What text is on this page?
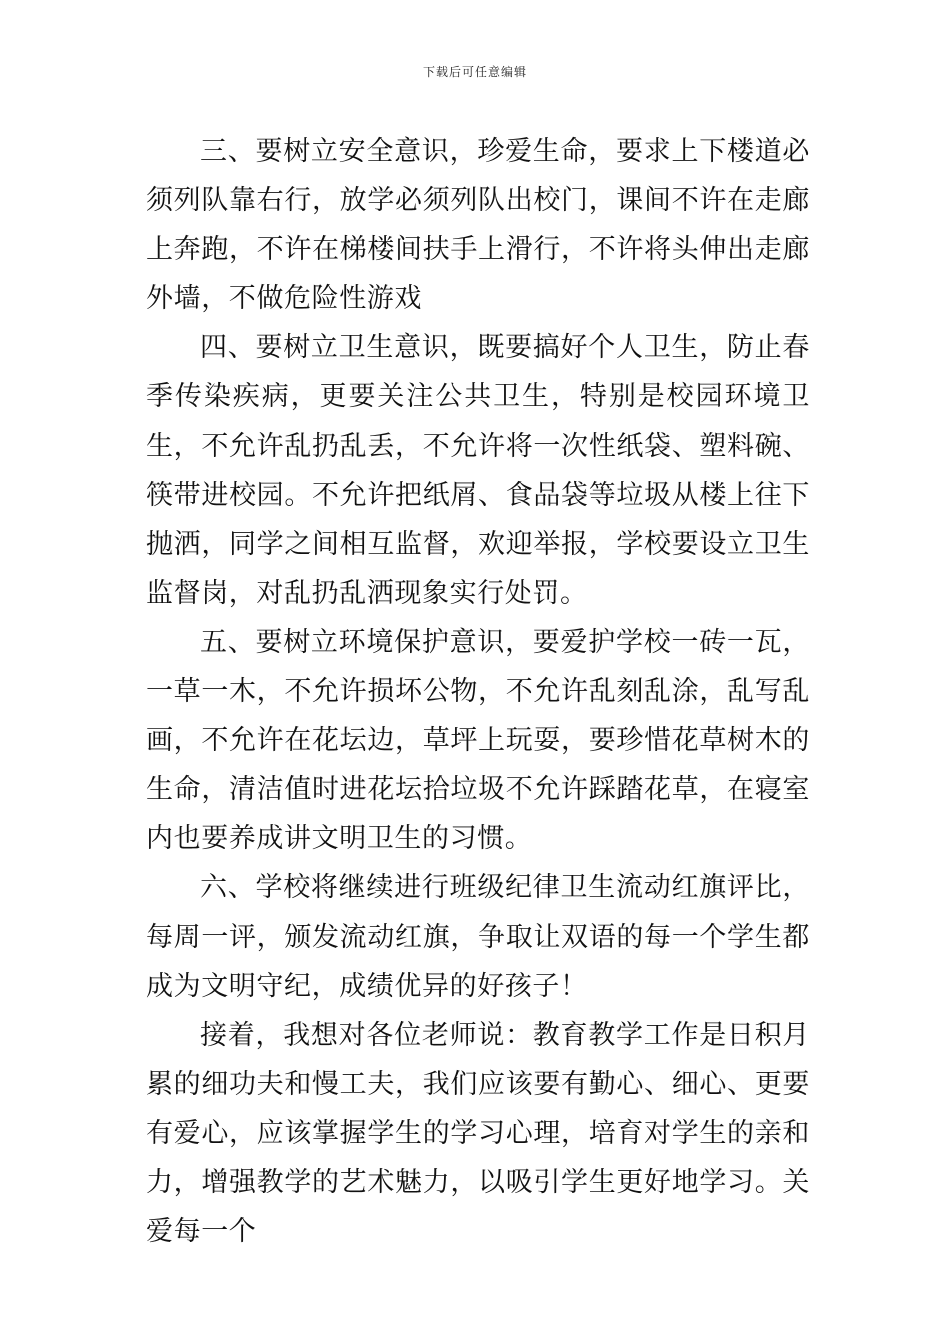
下载后可任意编辑

三、要树立安全意识，珍爱生命，要求上下楼道必须列队靠右行，放学必须列队出校门，课间不许在走廊上奔跑，不许在梯楼间扶手上滑行，不许将头伸出走廊外墙，不做危险性游戏

四、要树立卫生意识，既要搞好个人卫生，防止春季传染疾病，更要关注公共卫生，特别是校园环境卫生，不允许乱扔乱丢，不允许将一次性纸袋、塑料碗、筷带进校园。不允许把纸屑、食品袋等垃圾从楼上往下抛洒，同学之间相互监督，欢迎举报，学校要设立卫生监督岗，对乱扔乱洒现象实行处罚。

五、要树立环境保护意识，要爱护学校一砖一瓦，一草一木，不允许损坏公物，不允许乱刻乱涂，乱写乱画，不允许在花坛边，草坪上玩耍，要珍惜花草树木的生命，清洁值时进花坛拾垃圾不允许踩踏花草，在寝室内也要养成讲文明卫生的习惯。

六、学校将继续进行班级纪律卫生流动红旗评比，每周一评，颁发流动红旗，争取让双语的每一个学生都成为文明守纪，成绩优异的好孩子！

接着，我想对各位老师说：教育教学工作是日积月累的细功夫和慢工夫，我们应该要有勤心、细心、更要有爱心，应该掌握学生的学习心理，培育对学生的亲和力，增强教学的艺术魅力，以吸引学生更好地学习。关爱每一个
